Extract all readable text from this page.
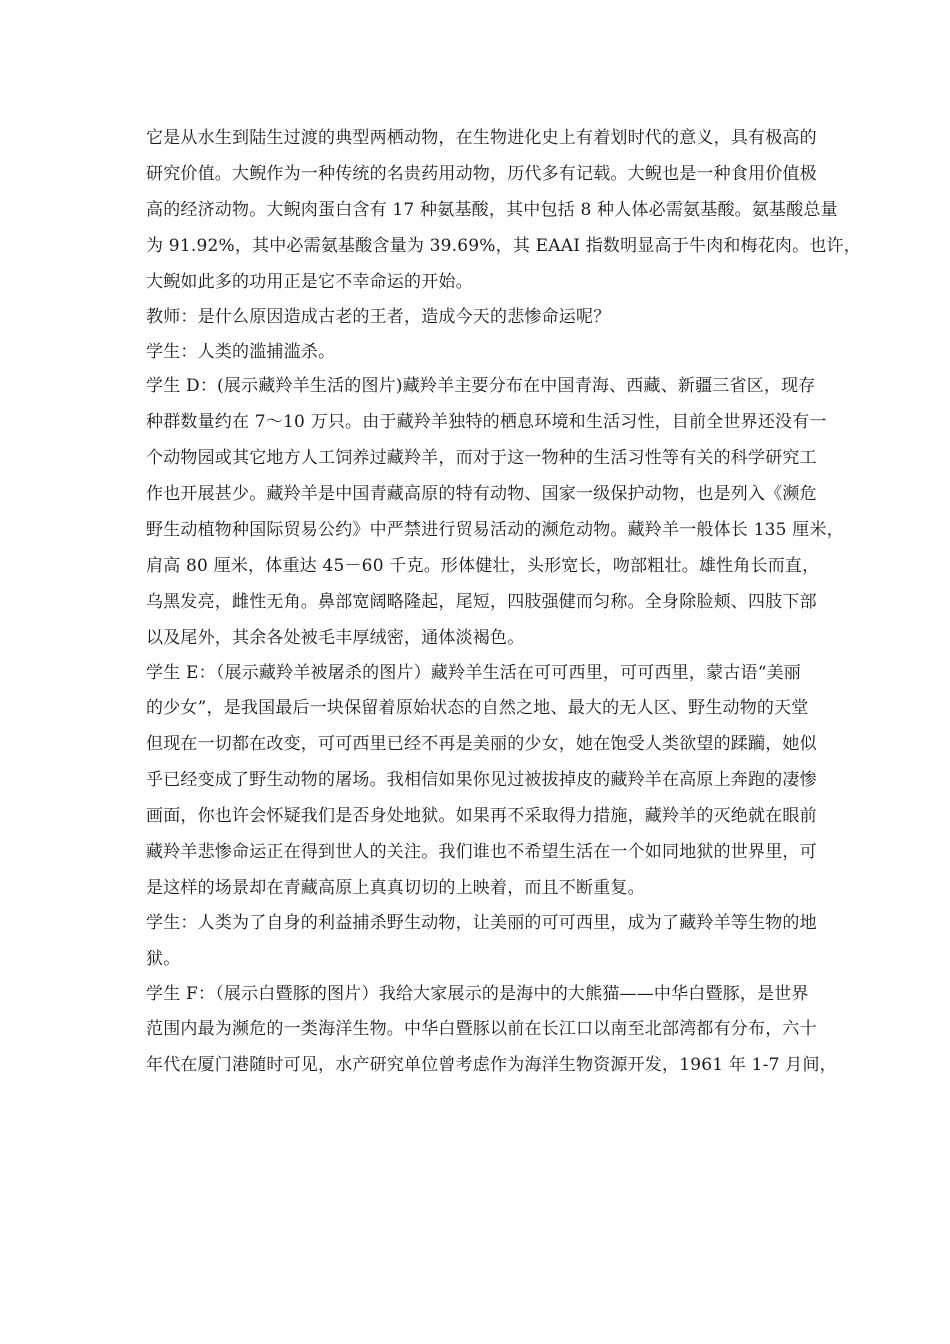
它是从水生到陆生过渡的典型两栖动物，在生物进化史上有着划时代的意义，具有极高的
研究价值。大鲵作为一种传统的名贵药用动物，历代多有记载。大鲵也是一种食用价值极
高的经济动物。大鲵肉蛋白含有 17 种氨基酸，其中包括 8 种人体必需氨基酸。氨基酸总量
为 91.92%，其中必需氨基酸含量为 39.69%，其 EAAI 指数明显高于牛肉和梅花肉。也许，
大鲵如此多的功用正是它不幸命运的开始。
教师：是什么原因造成古老的王者，造成今天的悲惨命运呢？
学生：人类的滥捕滥杀。
学生 D：(展示藏羚羊生活的图片)藏羚羊主要分布在中国青海、西藏、新疆三省区，现存
种群数量约在 7～10 万只。由于藏羚羊独特的栖息环境和生活习性，目前全世界还没有一
个动物园或其它地方人工饲养过藏羚羊，而对于这一物种的生活习性等有关的科学研究工
作也开展甚少。藏羚羊是中国青藏高原的特有动物、国家一级保护动物，也是列入《濒危
野生动植物种国际贸易公约》中严禁进行贸易活动的濒危动物。藏羚羊一般体长 135 厘米，
肩高 80 厘米，体重达 45－60 千克。形体健壮，头形宽长，吻部粗壮。雄性角长而直，
乌黑发亮，雌性无角。鼻部宽阔略隆起，尾短，四肢强健而匀称。全身除脸颊、四肢下部
以及尾外，其余各处被毛丰厚绒密，通体淡褐色。
学生 E：（展示藏羚羊被屠杀的图片）藏羚羊生活在可可西里，可可西里，蒙古语“美丽
的少女”，是我国最后一块保留着原始状态的自然之地、最大的无人区、野生动物的天堂
但现在一切都在改变，可可西里已经不再是美丽的少女，她在饱受人类欲望的蹂躏，她似
乎已经变成了野生动物的屠场。我相信如果你见过被拔掉皮的藏羚羊在高原上奔跑的凄惨
画面，你也许会怀疑我们是否身处地狱。如果再不采取得力措施，藏羚羊的灭绝就在眼前
藏羚羊悲惨命运正在得到世人的关注。我们谁也不希望生活在一个如同地狱的世界里，可
是这样的场景却在青藏高原上真真切切的上映着，而且不断重复。
学生：人类为了自身的利益捕杀野生动物，让美丽的可可西里，成为了藏羚羊等生物的地
狱。
学生 F：（展示白暨豚的图片）我给大家展示的是海中的大熊猫——中华白暨豚，是世界
范围内最为濒危的一类海洋生物。中华白暨豚以前在长江口以南至北部湾都有分布，六十
年代在厦门港随时可见，水产研究单位曾考虑作为海洋生物资源开发，1961 年 1-7 月间，
